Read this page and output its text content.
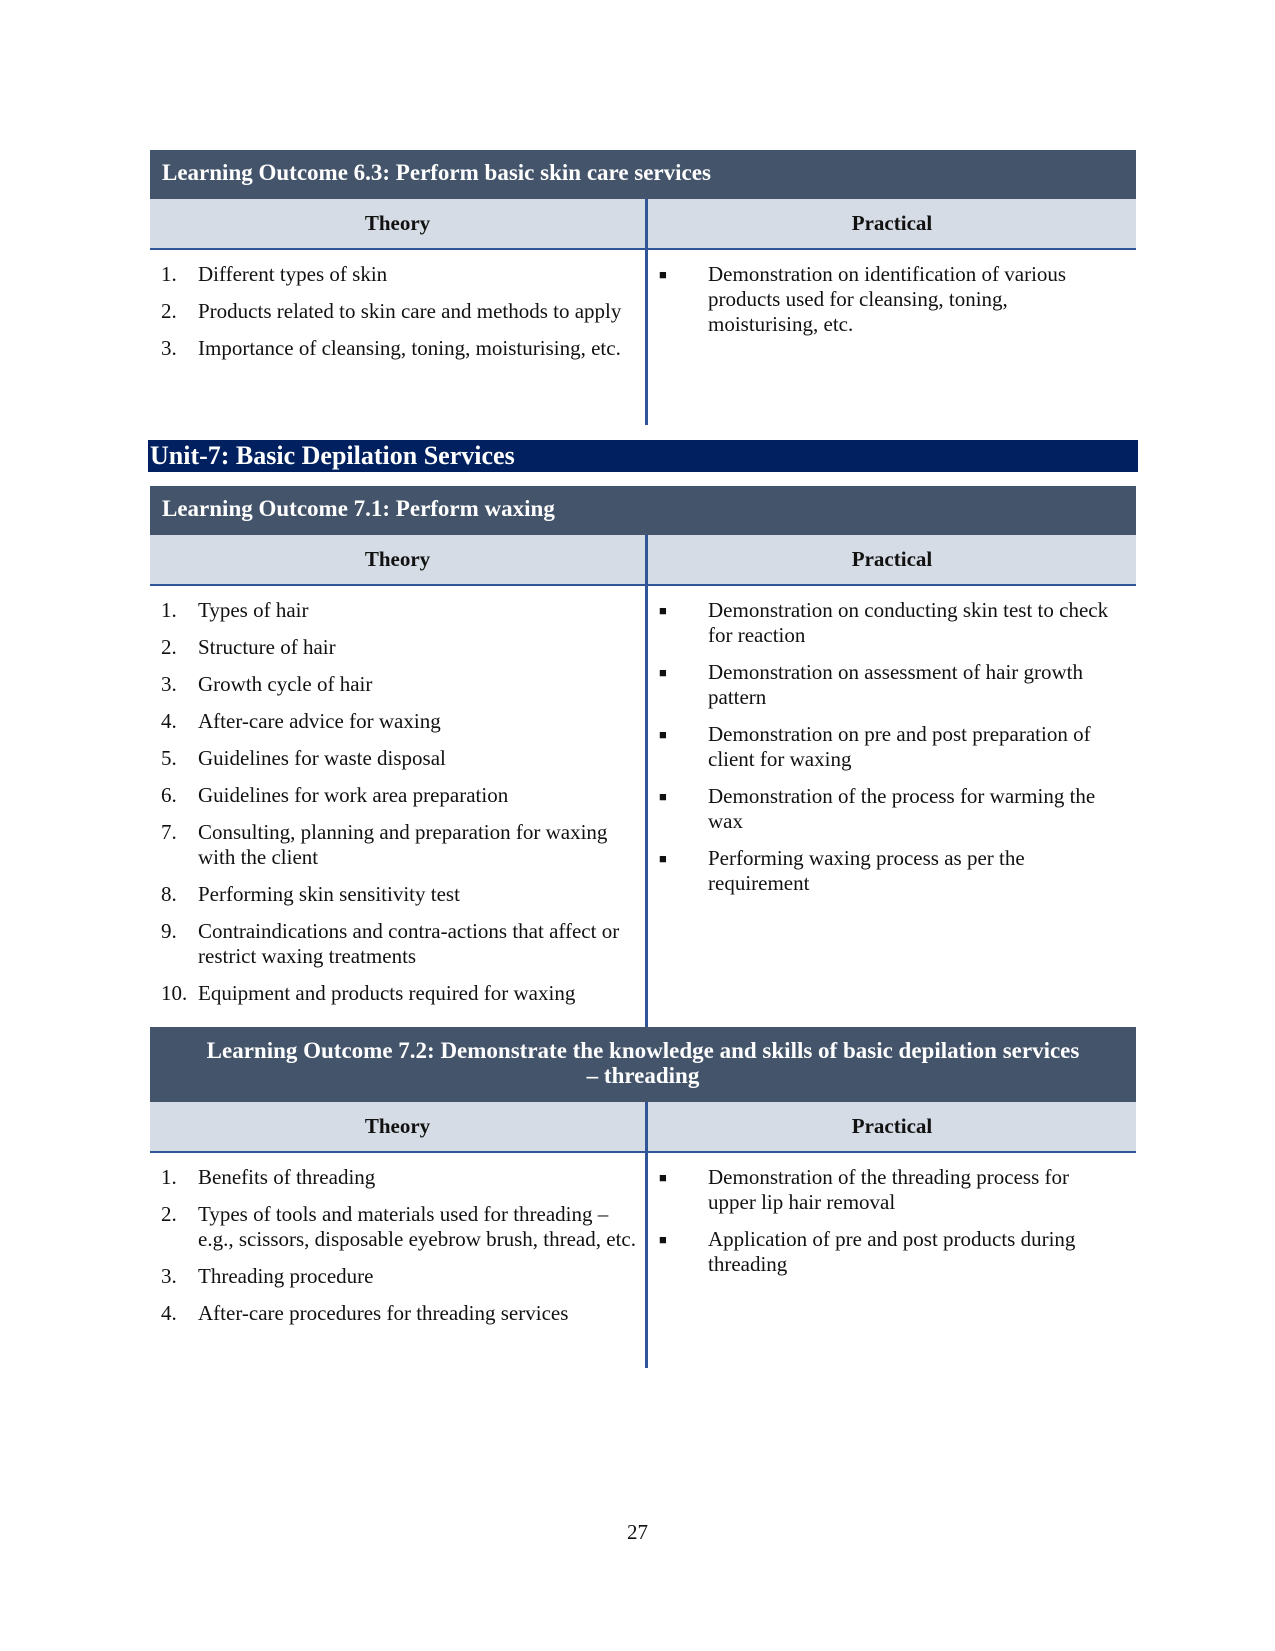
Learning Outcome 6.3: Perform basic skin care services
Theory	Practical
1.	Different types of skin
2.	Products related to skin care and methods to apply
3.	Importance of cleansing, toning, moisturising, etc.
■	Demonstration on identification of various products used for cleansing, toning, moisturising, etc.
Unit-7: Basic Depilation Services
Learning Outcome 7.1: Perform waxing
Theory	Practical
1.	Types of hair
2.	Structure of hair
3.	Growth cycle of hair
4.	After-care advice for waxing
5.	Guidelines for waste disposal
6.	Guidelines for work area preparation
7.	Consulting, planning and preparation for waxing with the client
8.	Performing skin sensitivity test
9.	Contraindications and contra-actions that affect or restrict waxing treatments
10. Equipment and products required for waxing
■	Demonstration on conducting skin test to check for reaction
■	Demonstration on assessment of hair growth pattern
■	Demonstration on pre and post preparation of client for waxing
■	Demonstration of the process for warming the wax
■	Performing waxing process as per the requirement
Learning Outcome 7.2: Demonstrate the knowledge and skills of basic depilation services
– threading
Theory	Practical
1.	Benefits of threading
2.	Types of tools and materials used for threading – e.g., scissors, disposable eyebrow brush, thread, etc.
3.	Threading procedure
4.	After-care procedures for threading services
■	Demonstration of the threading process for upper lip hair removal
■	Application of pre and post products during threading
27
